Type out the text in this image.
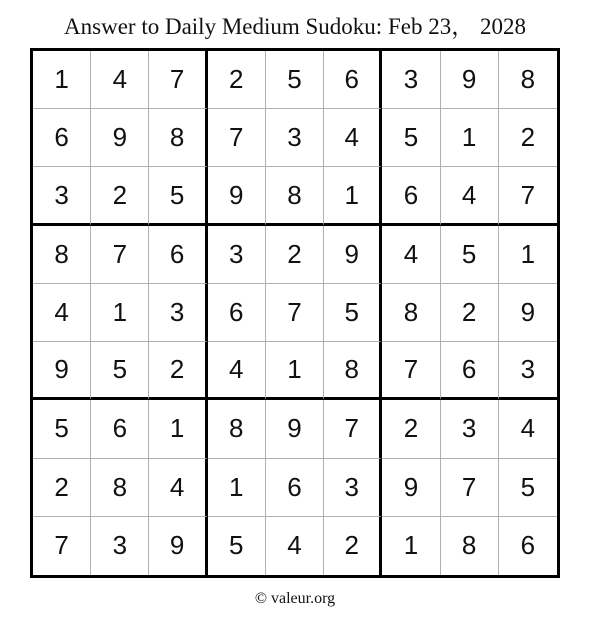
Answer to Daily Medium Sudoku: Feb 23， 2028
1	4	7	2	5	6	3	9	8
6	9	8	7	3	4	5	1	2
3	2	5	9	8	1	6	4	7
8	7	6	3	2	9	4	5	1
4	1	3	6	7	5	8	2	9
9	5	2	4	1	8	7	6	3
5	6	1	8	9	7	2	3	4
2	8	4	1	6	3	9	7	5
7	3	9	5	4	2	1	8	6
© valeur.org
